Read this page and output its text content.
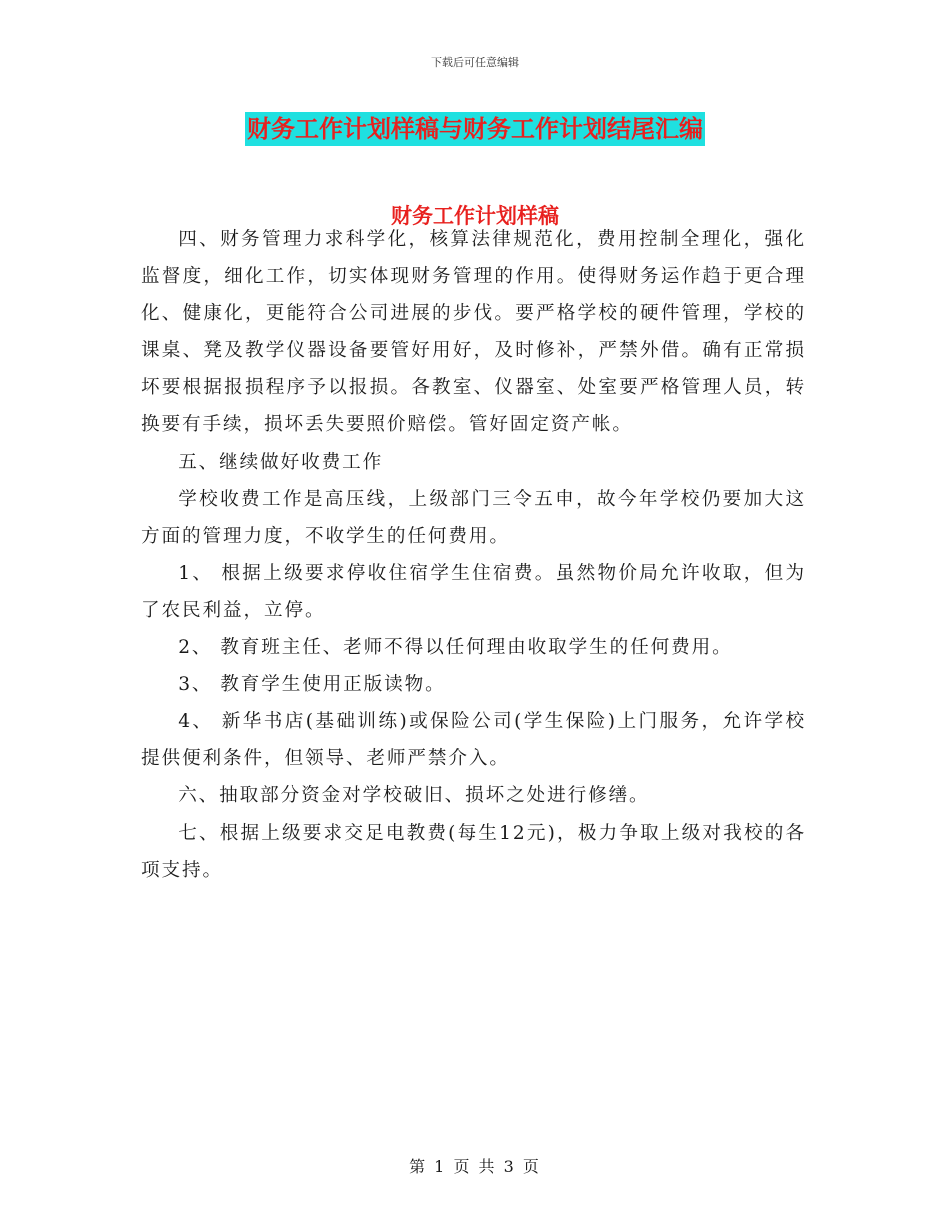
下载后可任意编辑
财务工作计划样稿与财务工作计划结尾汇编
财务工作计划样稿

四、财务管理力求科学化，核算法律规范化，费用控制全理化，强化监督度，细化工作，切实体现财务管理的作用。使得财务运作趋于更合理化、健康化，更能符合公司进展的步伐。要严格学校的硬件管理，学校的课桌、凳及教学仪器设备要管好用好，及时修补，严禁外借。确有正常损坏要根据报损程序予以报损。各教室、仪器室、处室要严格管理人员，转换要有手续，损坏丢失要照价赔偿。管好固定资产帐。

五、继续做好收费工作

学校收费工作是高压线，上级部门三令五申，故今年学校仍要加大这方面的管理力度，不收学生的任何费用。

1、 根据上级要求停收住宿学生住宿费。虽然物价局允许收取，但为了农民利益，立停。

2、 教育班主任、老师不得以任何理由收取学生的任何费用。

3、 教育学生使用正版读物。

4、 新华书店(基础训练)或保险公司(学生保险)上门服务，允许学校提供便利条件，但领导、老师严禁介入。

六、抽取部分资金对学校破旧、损坏之处进行修缮。

七、根据上级要求交足电教费(每生12元)，极力争取上级对我校的各项支持。

第 1 页 共 3 页
